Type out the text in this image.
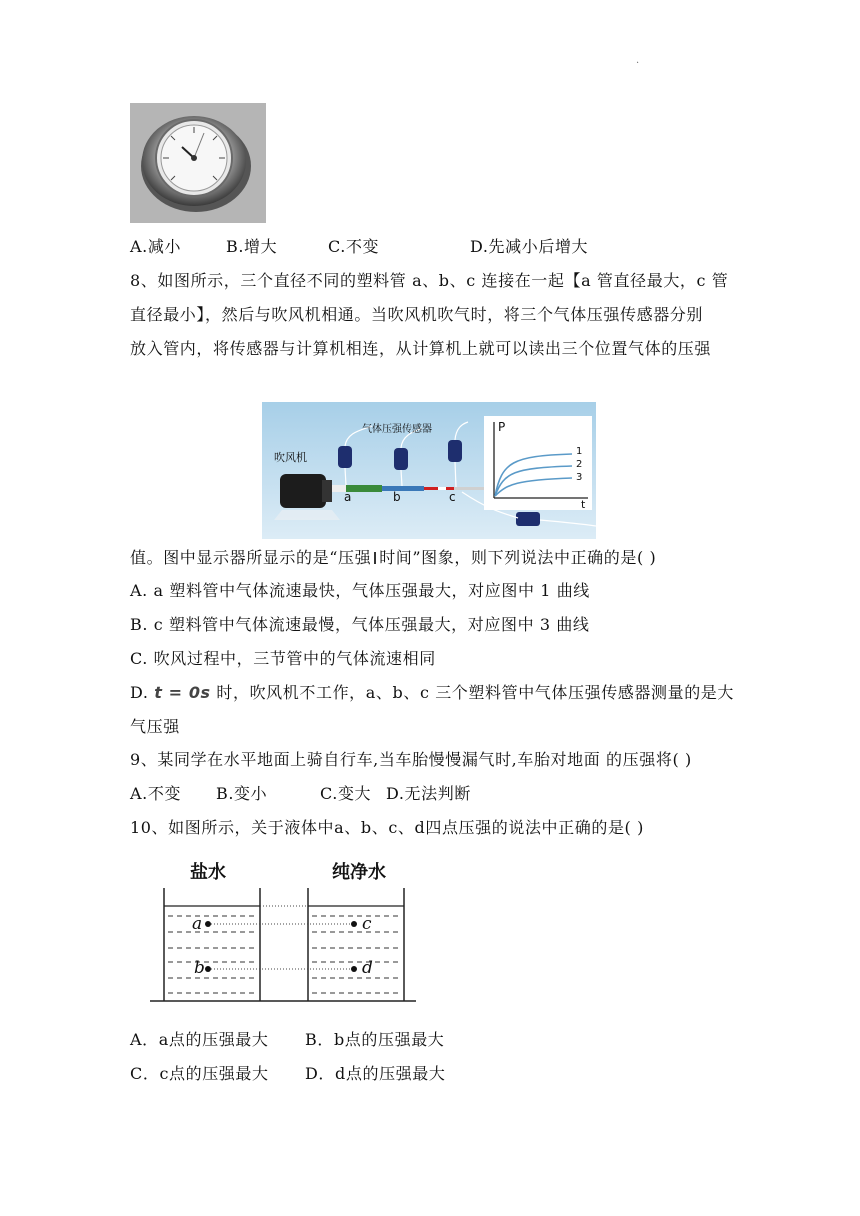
·
A.减小	B.增大	C.不变	D.先减小后增大
8、如图所示，三个直径不同的塑料管 a、b、c 连接在一起【a 管直径最大，c 管
直径最小】，然后与吹风机相通。当吹风机吹气时，将三个气体压强传感器分别
放入管内，将传感器与计算机相连，从计算机上就可以读出三个位置气体的压强
吹风机
气体压强传感器
a	b	c
P
t
1
2
3
值。图中显示器所显示的是“压强 时间”图象，则下列说法中正确的是( )
A. a 塑料管中气体流速最快，气体压强最大，对应图中 1 曲线
B. c 塑料管中气体流速最慢，气体压强最大，对应图中 3 曲线
C. 吹风过程中，三节管中的气体流速相同
D. t = 0s 时，吹风机不工作，a、b、c 三个塑料管中气体压强传感器测量的是大
气压强
9、某同学在水平地面上骑自行车,当车胎慢慢漏气时,车胎对地面 的压强将( )
A.不变 B.变小	C.变大 D.无法判断
10、如图所示，关于液体中a、b、c、d四点压强的说法中正确的是( )
盐水	纯净水
a
b
c
d
A．a点的压强最大 B．b点的压强最大
C．c点的压强最大 D．d点的压强最大
